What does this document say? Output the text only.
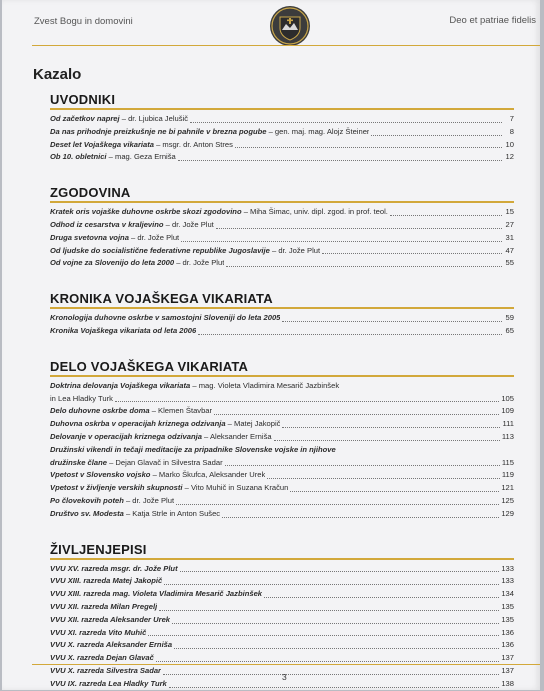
Zvest Bogu in domovini	Deo et patriae fidelis
Kazalo
UVODNIKI
Od začetkov naprej – dr. Ljubica Jelušič	7
Da nas prihodnje preizkušnje ne bi pahnile v brezna pogube – gen. maj. mag. Alojz Šteiner	8
Deset let Vojaškega vikariata – msgr. dr. Anton Stres	10
Ob 10. obletnici – mag. Geza Erniša	12
ZGODOVINA
Kratek oris vojaške duhovne oskrbe skozi zgodovino – Miha Šimac, univ. dipl. zgod. in prof. teol.	15
Odhod iz cesarstva v kraljevino – dr. Jože Plut	27
Druga svetovna vojna – dr. Jože Plut	31
Od ljudske do socialistične federativne republike Jugoslavije – dr. Jože Plut	47
Od vojne za Slovenijo do leta 2000 – dr. Jože Plut	55
KRONIKA VOJAŠKEGA VIKARIATA
Kronologija duhovne oskrbe v samostojni Sloveniji do leta 2005	59
Kronika Vojaškega vikariata od leta 2006	65
DELO VOJAŠKEGA VIKARIATA
Doktrina delovanja Vojaškega vikariata – mag. Violeta Vladimira Mesarič Jazbinšek
in Lea Hladky Turk	105
Delo duhovne oskrbe doma – Klemen Štavbar	109
Duhovna oskrba v operacijah kriznega odzivanja – Matej Jakopič	111
Delovanje v operacijah kriznega odzivanja – Aleksander Erniša	113
Družinski vikendi in tečaji meditacije za pripadnike Slovenske vojske in njihove
družinske člane – Dejan Glavač in Silvestra Sadar	115
Vpetost v Slovensko vojsko – Marko Škufca, Aleksander Urek	119
Vpetost v življenje verskih skupnosti – Vito Muhič in Suzana Kračun	121
Po človekovih poteh – dr. Jože Plut	125
Društvo sv. Modesta – Katja Strle in Anton Sušec	129
ŽIVLJENJEPISI
VVU XV. razreda msgr. dr. Jože Plut	133
VVU XIII. razreda Matej Jakopič	133
VVU XIII. razreda mag. Violeta Vladimira Mesarič Jazbinšek	134
VVU XII. razreda Milan Pregelj	135
VVU XII. razreda Aleksander Urek	135
VVU XI. razreda Vito Muhič	136
VVU X. razreda Aleksander Erniša	136
VVU X. razreda Dejan Glavač	137
VVU X. razreda Silvestra Sadar	137
VVU IX. razreda Lea Hladky Turk	138
3
